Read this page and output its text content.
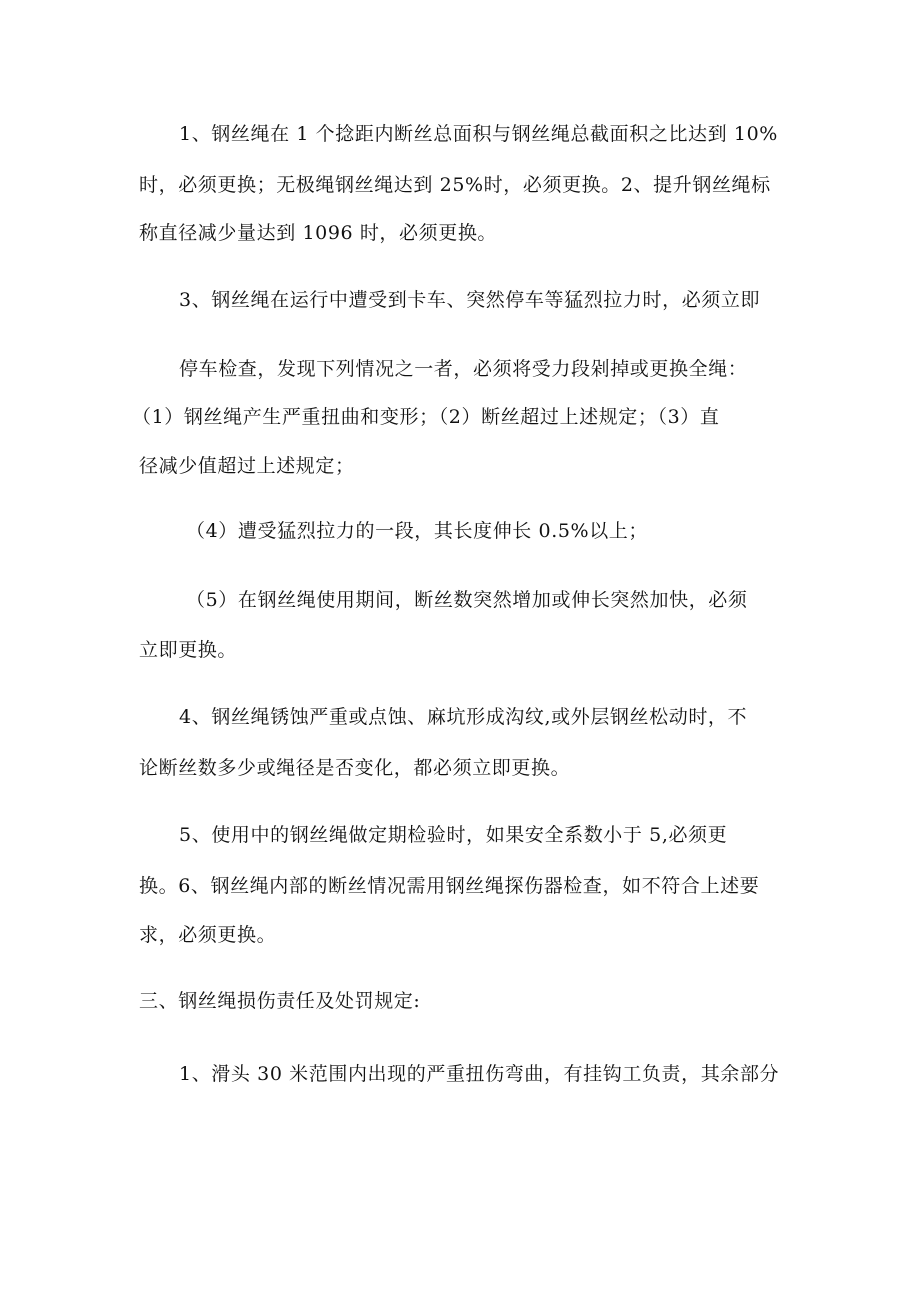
1、钢丝绳在 1 个捻距内断丝总面积与钢丝绳总截面积之比达到 10%
时，必须更换；无极绳钢丝绳达到 25%时，必须更换。2、提升钢丝绳标
称直径减少量达到 1096 时，必须更换。
3、钢丝绳在运行中遭受到卡车、突然停车等猛烈拉力时，必须立即
停车检查，发现下列情况之一者，必须将受力段剁掉或更换全绳：
（1）钢丝绳产生严重扭曲和变形；（2）断丝超过上述规定；（3）直
径减少值超过上述规定；
（4）遭受猛烈拉力的一段，其长度伸长 0.5%以上；
（5）在钢丝绳使用期间，断丝数突然增加或伸长突然加快，必须
立即更换。
4、钢丝绳锈蚀严重或点蚀、麻坑形成沟纹,或外层钢丝松动时，不
论断丝数多少或绳径是否变化，都必须立即更换。
5、使用中的钢丝绳做定期检验时，如果安全系数小于 5,必须更
换。6、钢丝绳内部的断丝情况需用钢丝绳探伤器检查，如不符合上述要
求，必须更换。
三、钢丝绳损伤责任及处罚规定:
1、滑头 30 米范围内出现的严重扭伤弯曲，有挂钩工负责，其余部分
